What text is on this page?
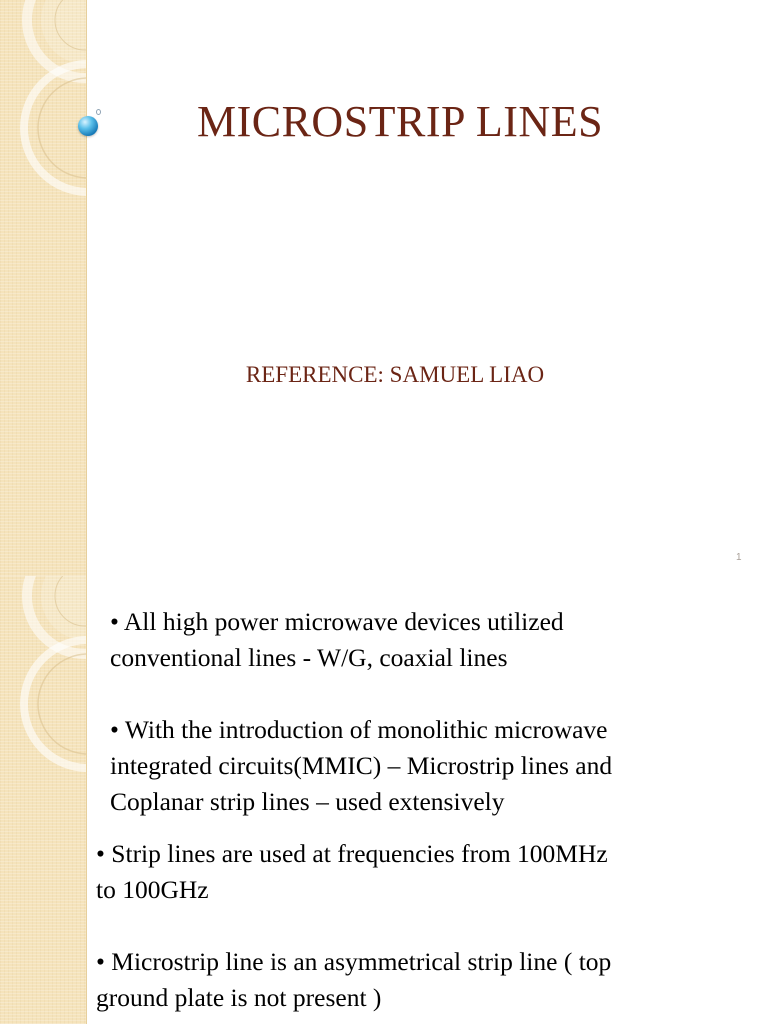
MICROSTRIP LINES
REFERENCE: SAMUEL LIAO
1

• All high power microwave devices utilized
conventional lines - W/G, coaxial lines

• With the introduction of monolithic microwave
integrated circuits(MMIC) – Microstrip lines and
Coplanar strip lines – used extensively

• Strip lines are used at frequencies from 100MHz
to 100GHz

• Microstrip line is an asymmetrical strip line ( top
ground plate is not present )
